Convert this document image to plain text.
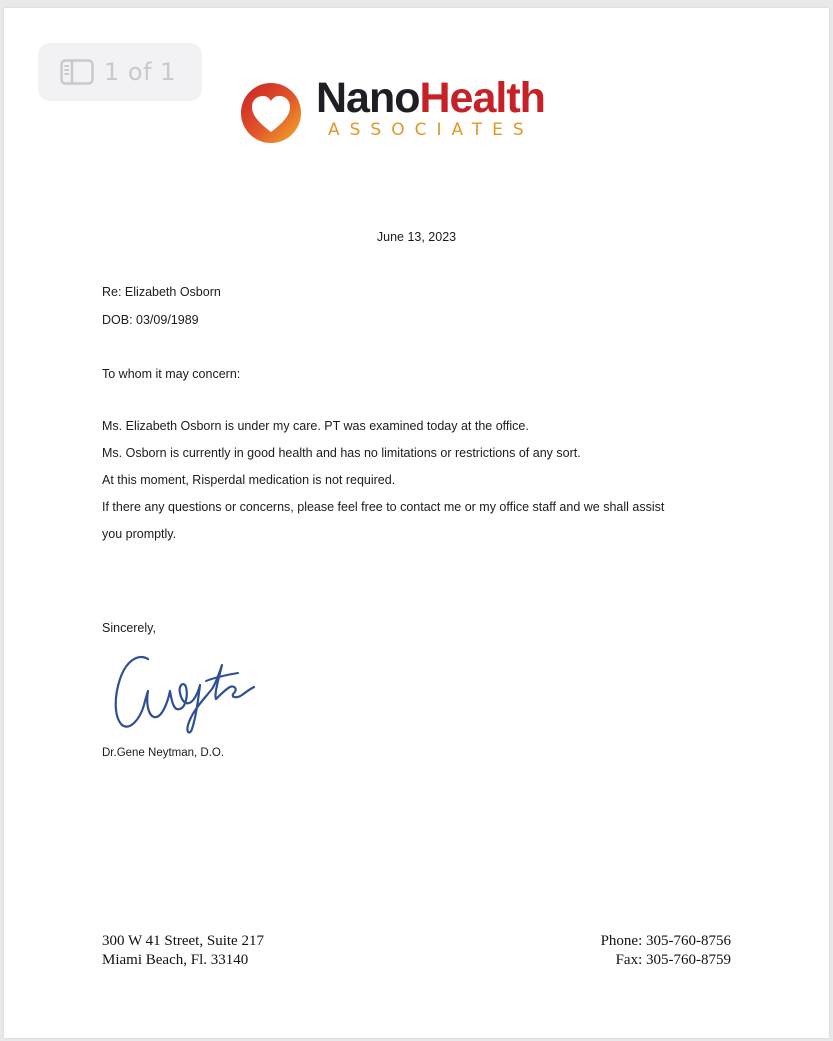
1 of 1
NanoHealth
ASSOCIATES
June 13, 2023
Re: Elizabeth Osborn
DOB: 03/09/1989
To whom it may concern:
Ms. Elizabeth Osborn is under my care. PT was examined today at the office.
Ms. Osborn is currently in good health and has no limitations or restrictions of any sort.
At this moment, Risperdal medication is not required.
If there any questions or concerns, please feel free to contact me or my office staff and we shall assist
you promptly.
Sincerely,
Dr.Gene Neytman, D.O.
300 W 41 Street, Suite 217
Miami Beach, Fl. 33140
Phone: 305-760-8756
Fax: 305-760-8759
